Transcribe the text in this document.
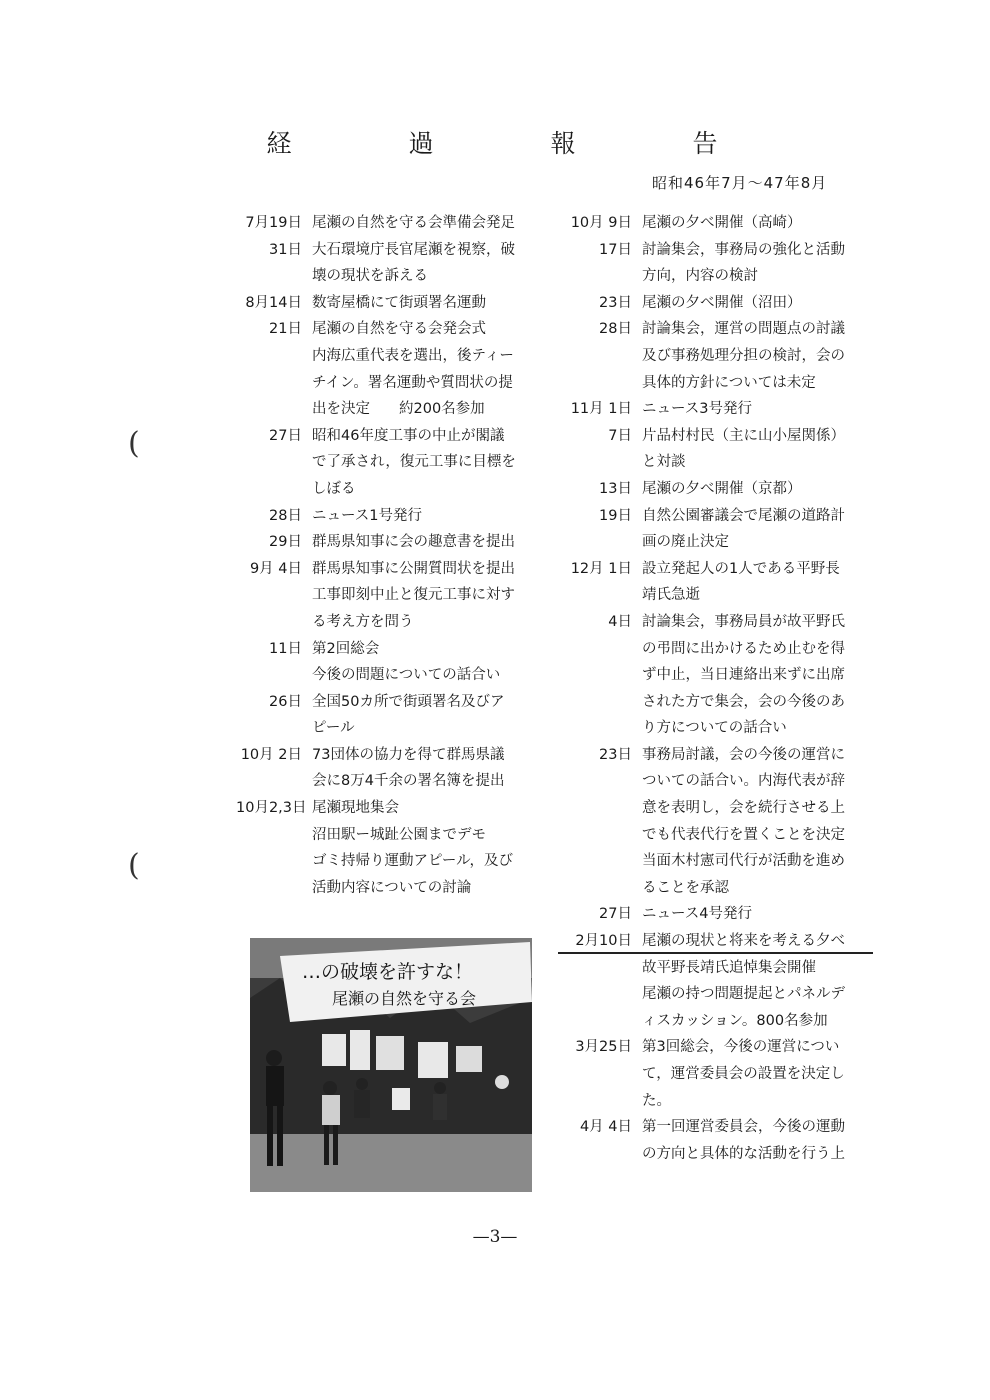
経　過　報　告
昭和46年7月〜47年8月
(
(
7月19日 尾瀬の自然を守る会準備会発足
31日 大石環境庁長官尾瀬を視察，破
壊の現状を訴える
8月14日 数寄屋橋にて街頭署名運動
21日 尾瀬の自然を守る会発会式
内海広重代表を選出，後ティー
チイン。署名運動や質問状の提
出を決定　　約200名参加
27日 昭和46年度工事の中止が閣議
で了承され，復元工事に目標を
しぼる
28日 ニュース1号発行
29日 群馬県知事に会の趣意書を提出
9月 4日 群馬県知事に公開質問状を提出
工事即刻中止と復元工事に対す
る考え方を問う
11日 第2回総会
今後の問題についての話合い
26日 全国50カ所で街頭署名及びア
ピール
10月 2日 73団体の協力を得て群馬県議
会に8万4千余の署名簿を提出
10月2,3日 尾瀬現地集会
沼田駅ー城趾公園までデモ
ゴミ持帰り運動アピール，及び
活動内容についての討論
10月 9日 尾瀬の夕べ開催（高崎）
17日 討論集会，事務局の強化と活動
方向，内容の検討
23日 尾瀬の夕べ開催（沼田）
28日 討論集会，運営の問題点の討議
及び事務処理分担の検討，会の
具体的方針については未定
11月 1日 ニュース3号発行
7日 片品村村民（主に山小屋関係）
と対談
13日 尾瀬の夕べ開催（京都）
19日 自然公園審議会で尾瀬の道路計
画の廃止決定
12月 1日 設立発起人の1人である平野長
靖氏急逝
4日 討論集会，事務局員が故平野氏
の弔問に出かけるため止むを得
ず中止，当日連絡出来ずに出席
された方で集会，会の今後のあ
り方についての話合い
23日 事務局討議，会の今後の運営に
ついての話合い。内海代表が辞
意を表明し，会を続行させる上
でも代表代行を置くことを決定
当面木村憲司代行が活動を進め
ることを承認
27日 ニュース4号発行
2月10日 尾瀬の現状と将来を考える夕べ
故平野長靖氏追悼集会開催
尾瀬の持つ問題提起とパネルデ
ィスカッション。800名参加
3月25日 第3回総会，今後の運営につい
て，運営委員会の設置を決定し
た。
4月 4日 第一回運営委員会，今後の運動
の方向と具体的な活動を行う上
…の破壊を許すな！
尾瀬の自然を守る会
—3—
